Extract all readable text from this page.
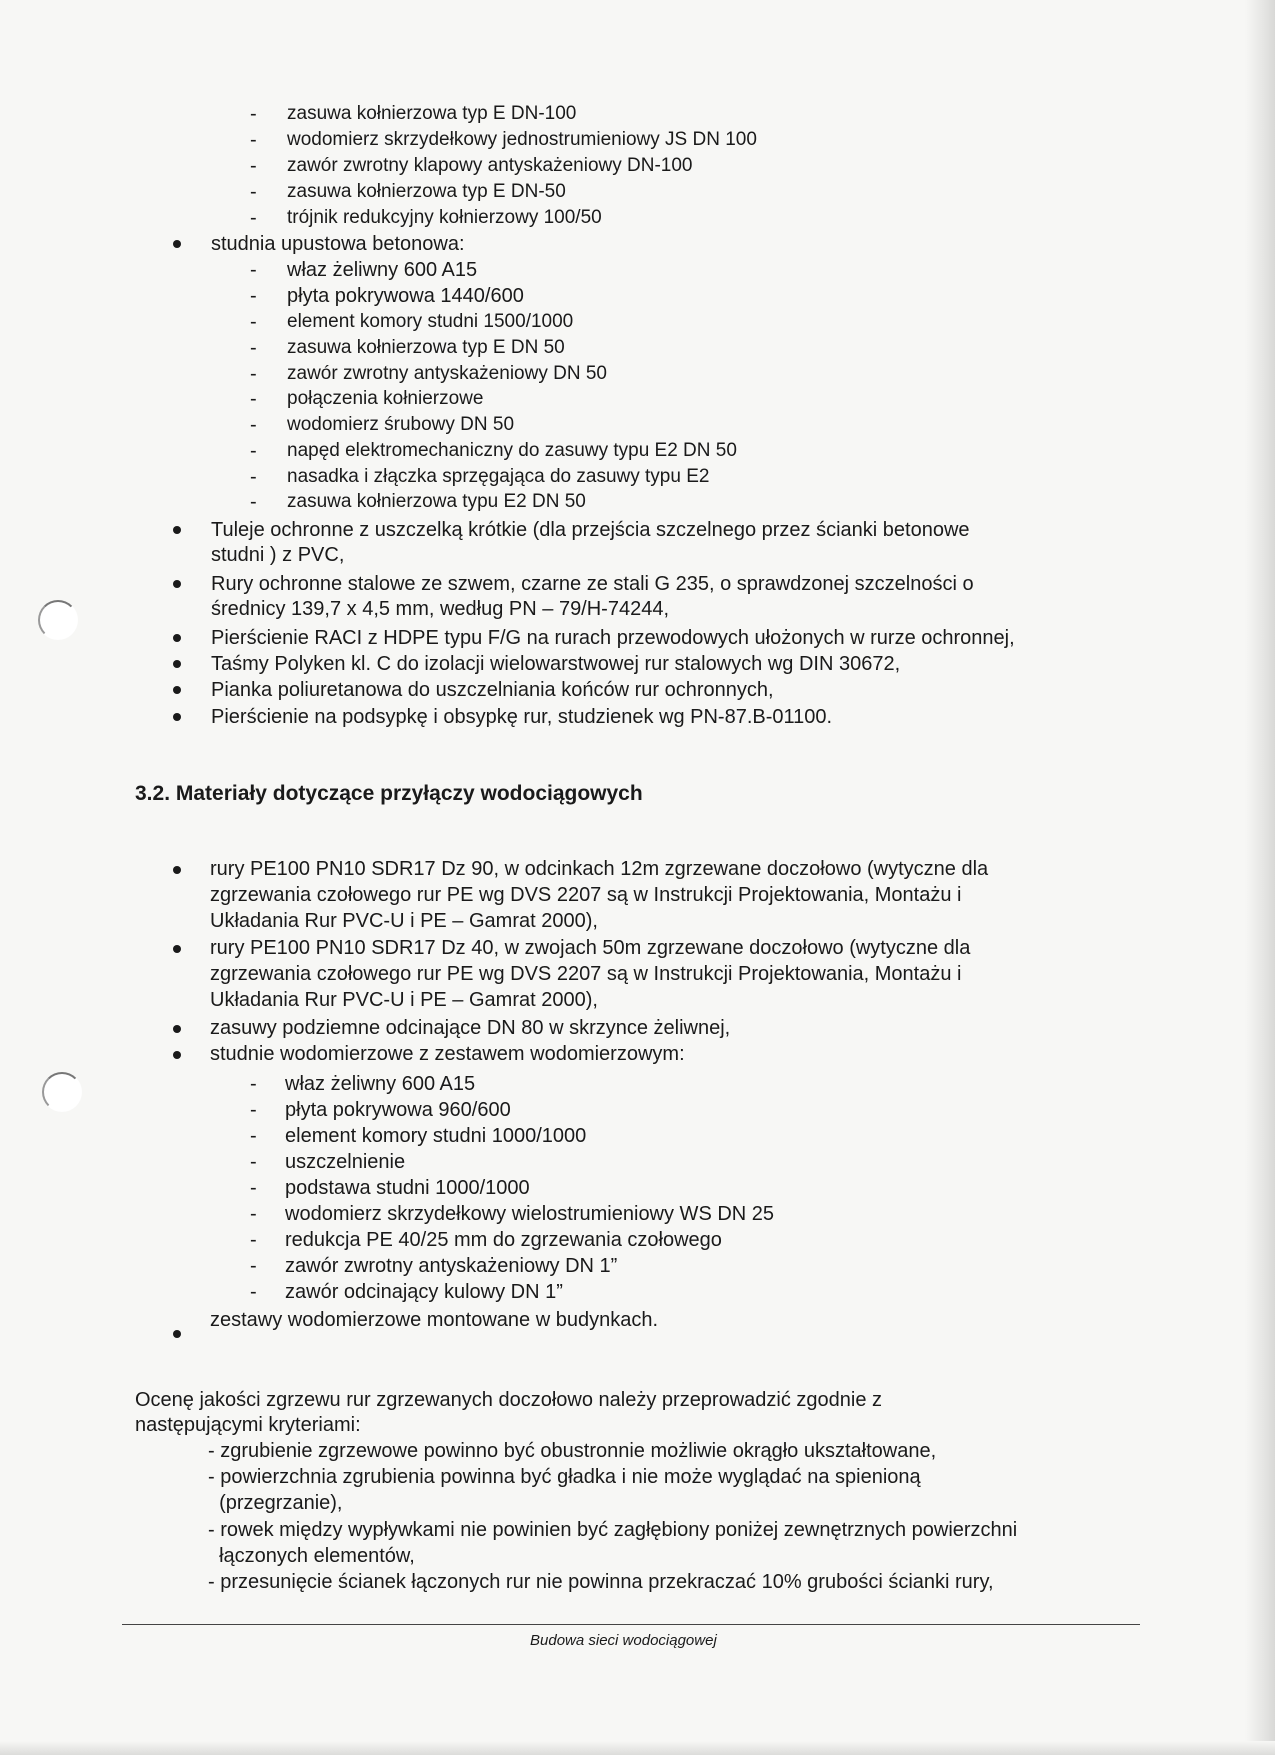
- zasuwa kołnierzowa typ E DN-100
- wodomierz skrzydełkowy jednostrumieniowy JS DN 100
- zawór zwrotny klapowy antyskażeniowy DN-100
- zasuwa kołnierzowa typ E DN-50
- trójnik redukcyjny kołnierzowy 100/50
studnia upustowa betonowa:
- właz żeliwny 600 A15
- płyta pokrywowa 1440/600
- element komory studni 1500/1000
- zasuwa kołnierzowa typ E DN 50
- zawór zwrotny antyskażeniowy DN 50
- połączenia kołnierzowe
- wodomierz śrubowy DN 50
- napęd elektromechaniczny do zasuwy typu E2 DN 50
- nasadka i złączka sprzęgająca do zasuwy typu E2
- zasuwa kołnierzowa typu E2 DN 50
Tuleje ochronne z uszczelką krótkie (dla przejścia szczelnego przez ścianki betonowe
studni ) z PVC,
Rury ochronne stalowe ze szwem, czarne ze stali G 235, o sprawdzonej szczelności o
średnicy 139,7 x 4,5 mm, według PN – 79/H-74244,
Pierścienie RACI z HDPE typu F/G na rurach przewodowych ułożonych w rurze ochronnej,
Taśmy Polyken kl. C do izolacji wielowarstwowej rur stalowych wg DIN 30672,
Pianka poliuretanowa do uszczelniania końców rur ochronnych,
Pierścienie na podsypkę i obsypkę rur, studzienek wg PN-87.B-01100.
3.2. Materiały dotyczące przyłączy wodociągowych
rury PE100 PN10 SDR17 Dz 90, w odcinkach 12m zgrzewane doczołowo (wytyczne dla
zgrzewania czołowego rur PE wg DVS 2207 są w Instrukcji Projektowania, Montażu i
Układania Rur PVC-U i PE – Gamrat 2000),
rury PE100 PN10 SDR17 Dz 40, w zwojach 50m zgrzewane doczołowo (wytyczne dla
zgrzewania czołowego rur PE wg DVS 2207 są w Instrukcji Projektowania, Montażu i
Układania Rur PVC-U i PE – Gamrat 2000),
zasuwy podziemne odcinające DN 80 w skrzynce żeliwnej,
studnie wodomierzowe z zestawem wodomierzowym:
- właz żeliwny 600 A15
- płyta pokrywowa 960/600
- element komory studni 1000/1000
- uszczelnienie
- podstawa studni 1000/1000
- wodomierz skrzydełkowy wielostrumieniowy WS DN 25
- redukcja PE 40/25 mm do zgrzewania czołowego
- zawór zwrotny antyskażeniowy DN 1”
- zawór odcinający kulowy DN 1”
zestawy wodomierzowe montowane w budynkach.
Ocenę jakości zgrzewu rur zgrzewanych doczołowo należy przeprowadzić zgodnie z
następującymi kryteriami:
- zgrubienie zgrzewowe powinno być obustronnie możliwie okrągło ukształtowane,
- powierzchnia zgrubienia powinna być gładka i nie może wyglądać na spienioną
(przegrzanie),
- rowek między wypływkami nie powinien być zagłębiony poniżej zewnętrznych powierzchni
łączonych elementów,
- przesunięcie ścianek łączonych rur nie powinna przekraczać 10% grubości ścianki rury,
Budowa sieci wodociągowej
